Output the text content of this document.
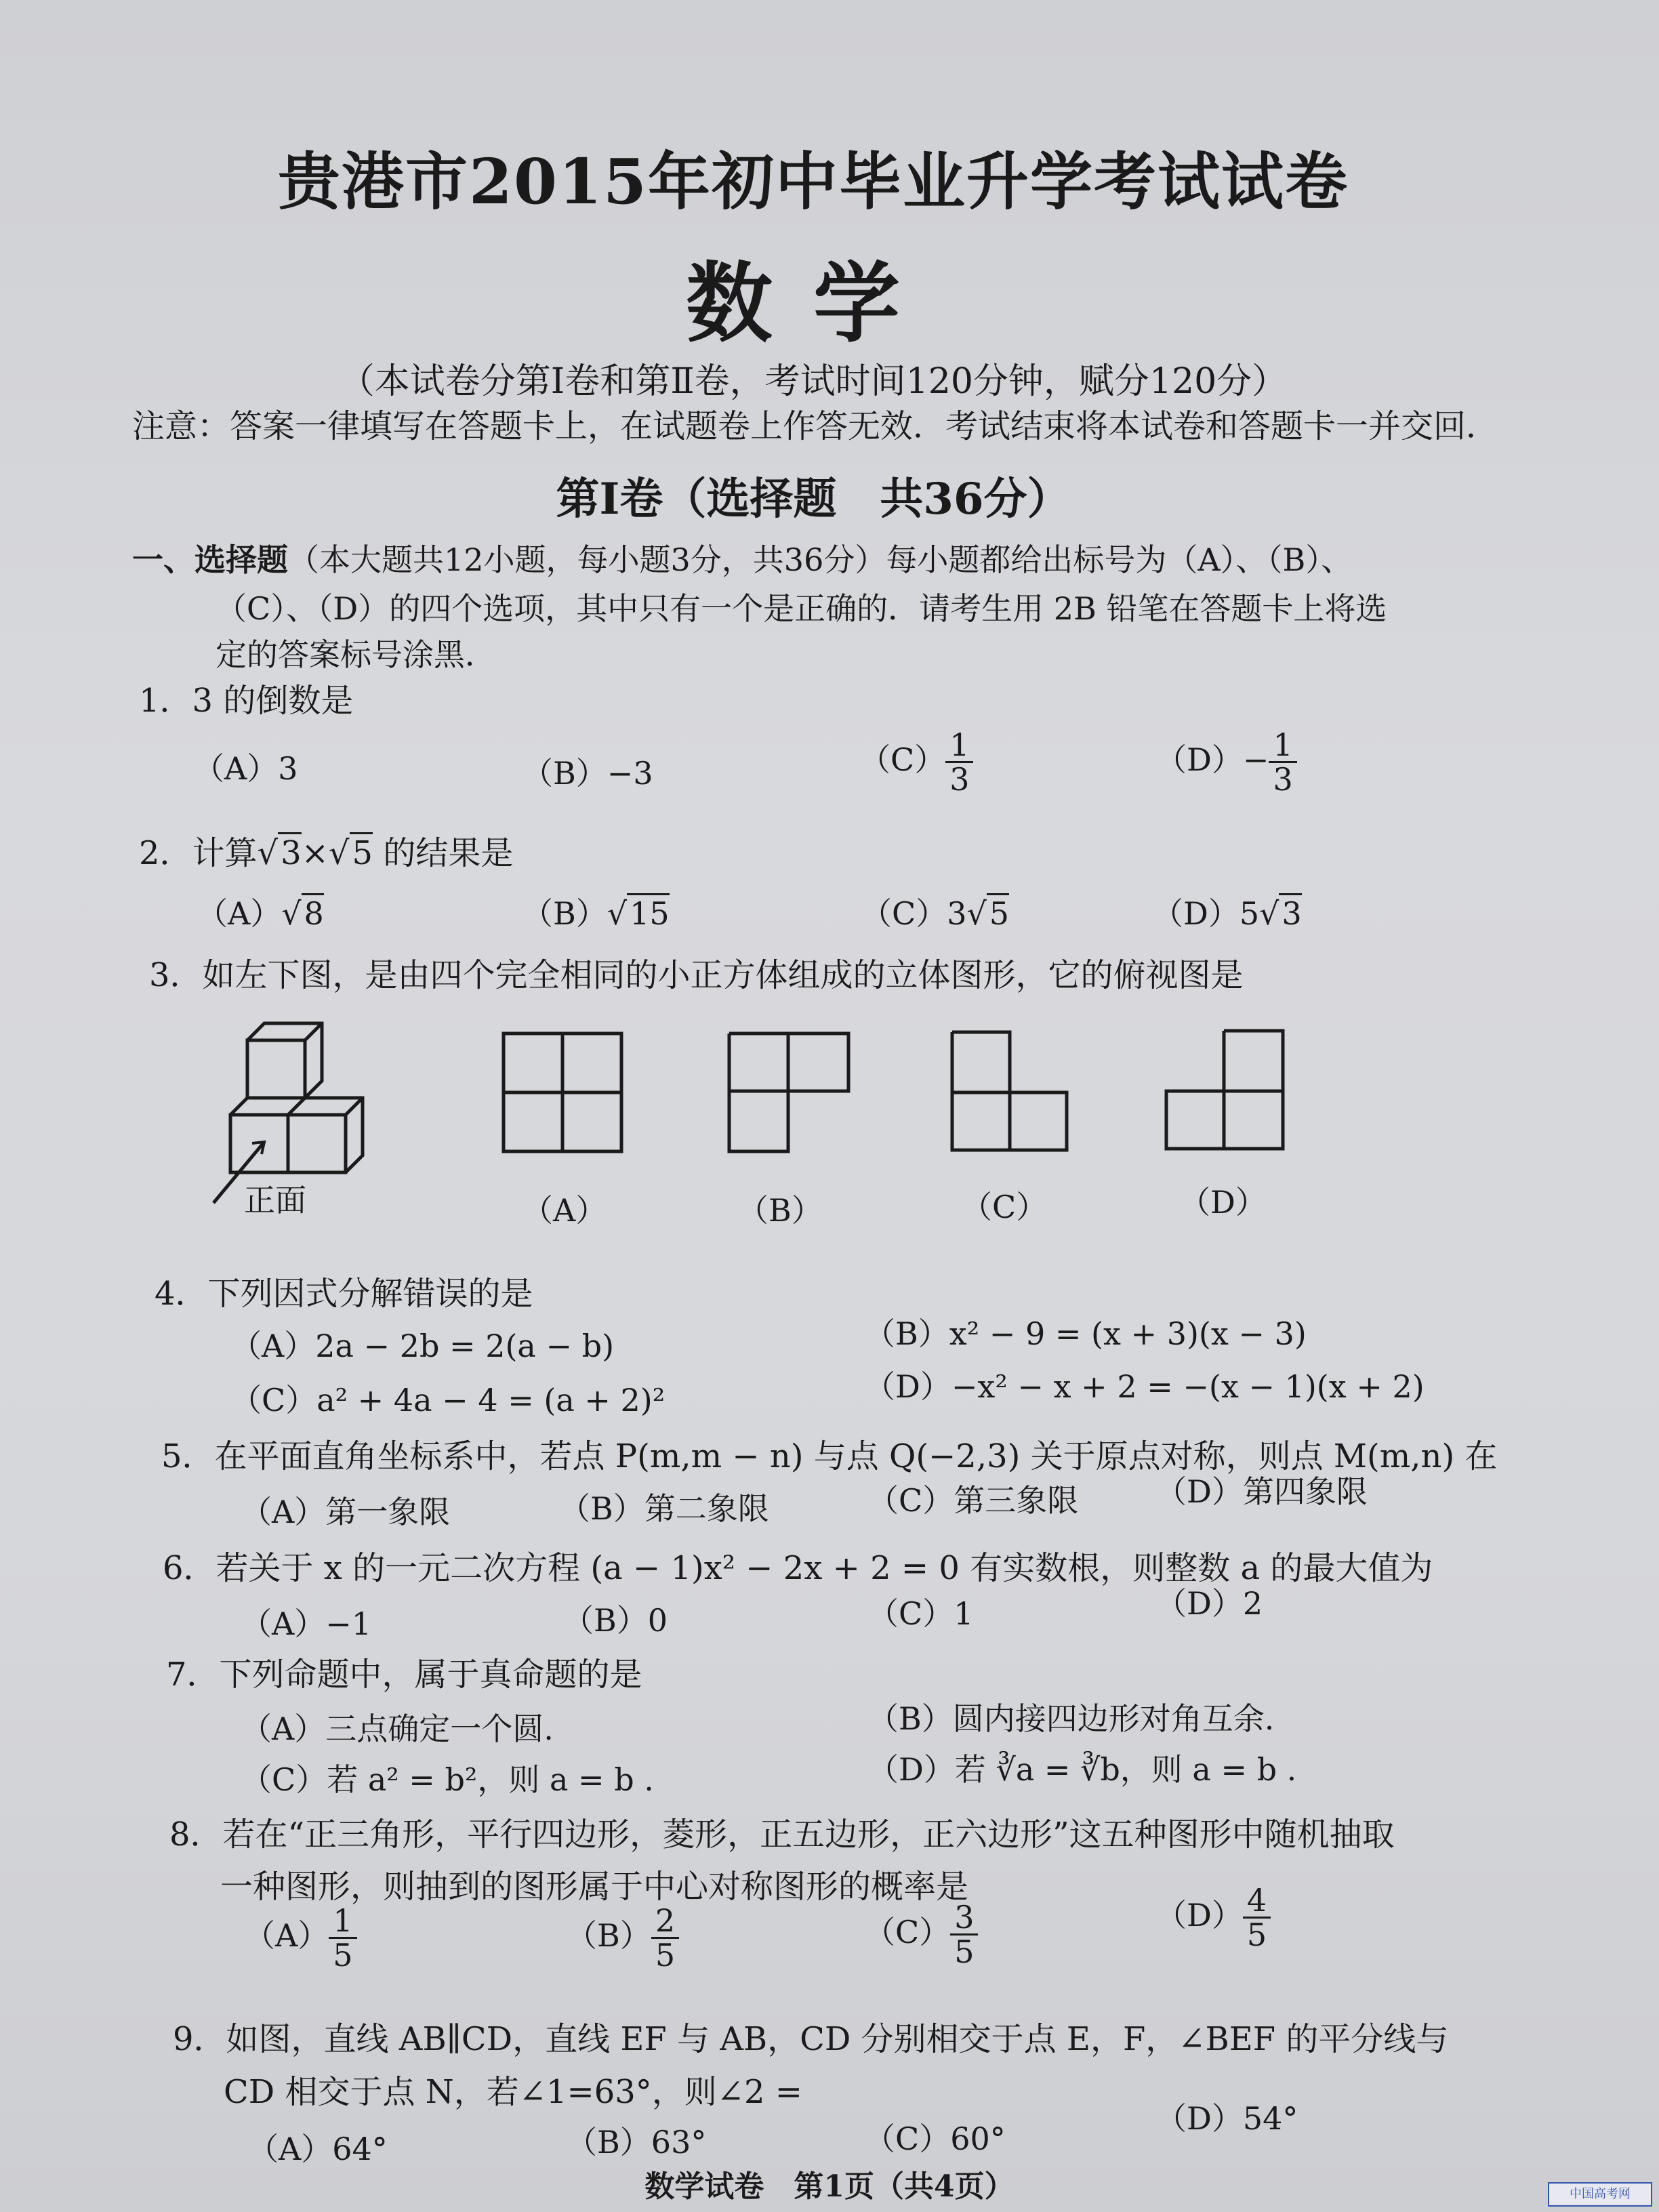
贵港市2015年初中毕业升学考试试卷
数学
（本试卷分第Ⅰ卷和第Ⅱ卷，考试时间120分钟，赋分120分）
注意：答案一律填写在答题卡上，在试题卷上作答无效．考试结束将本试卷和答题卡一并交回．
第Ⅰ卷（选择题　共36分）
一、选择题（本大题共12小题，每小题3分，共36分）每小题都给出标号为（A）、（B）、
（C）、（D）的四个选项，其中只有一个是正确的．请考生用 2B 铅笔在答题卡上将选
定的答案标号涂黑．
1．3 的倒数是
（A）3	（B）−3	$(C) \frac{1}{3}$	$(D)- \frac{1}{3}$
2．计算√3×√5 的结果是
（A）√8	（B）√15	（C）3√5	（D）5√3
3．如左下图，是由四个完全相同的小正方体组成的立体图形，它的俯视图是
正面	（A）	（B）	（C）	（D）
4．下列因式分解错误的是
（A）2a − 2b = 2(a − b)	（B）x² − 9 = (x + 3)(x − 3)
（C）a² + 4a − 4 = (a + 2)²	（D）−x² − x + 2 = −(x − 1)(x + 2)
5．在平面直角坐标系中，若点 P(m,m − n) 与点 Q(−2,3) 关于原点对称，则点 M(m,n) 在
（A）第一象限	（B）第二象限	（C）第三象限 （D）第四象限
6．若关于 x 的一元二次方程 (a − 1)x² − 2x + 2 = 0 有实数根，则整数 a 的最大值为
（A）−1	（B）0	（C）1	（D）2
7．下列命题中，属于真命题的是
（A）三点确定一个圆.	（B）圆内接四边形对角互余.
（C）若 a² = b²，则 a = b .	（D）若 ∛a = ∛b，则 a = b .
8．若在“正三角形，平行四边形，菱形，正五边形，正六边形”这五种图形中随机抽取
一种图形，则抽到的图形属于中心对称图形的概率是
$(A) \frac{1}{5}$	$(B) \frac{2}{5}$	$(C) \frac{3}{5}$	$(D) \frac{4}{5}$
9．如图，直线 AB∥CD，直线 EF 与 AB，CD 分别相交于点 E，F，∠BEF 的平分线与
CD 相交于点 N，若∠1=63°，则∠2 =
（A）64°	（B）63°	（C）60°
（D）54°
数学试卷　第1页（共4页）	中国高考网
